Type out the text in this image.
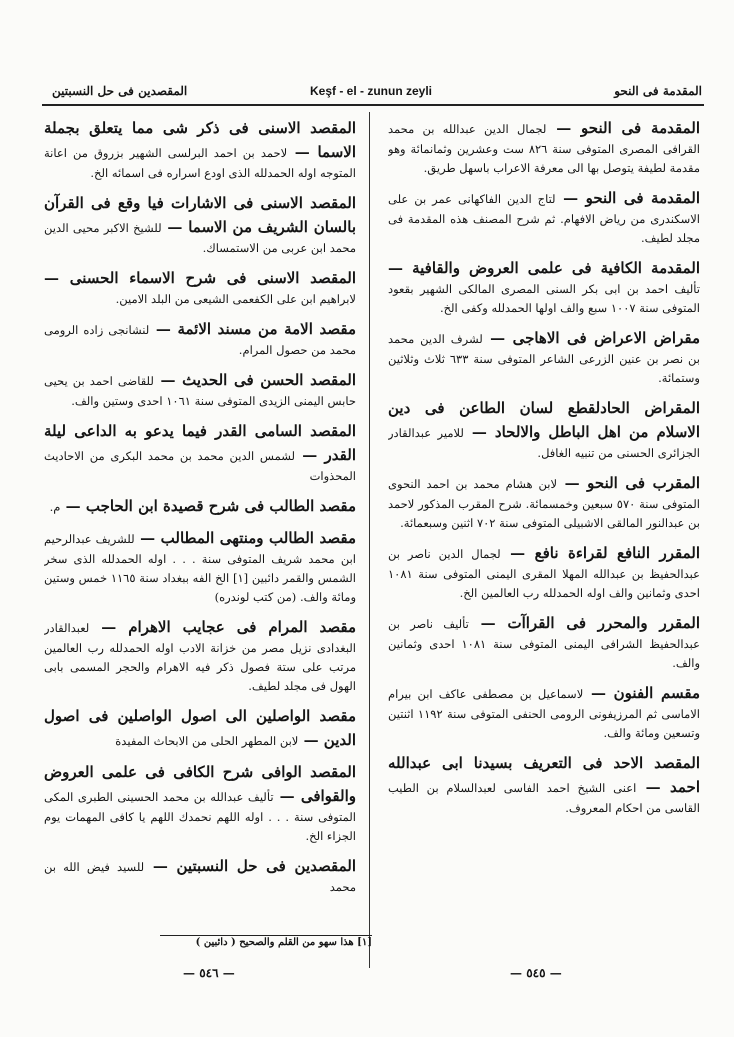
المقصدين فى حل النسبتين	Keşf - el - zunun zeyli	المقدمة فى النحو
المقدمة فى النحو — لجمال الدين عبدالله بن محمد القرافى المصرى المتوفى سنة ٨٢٦ ست وعشرين وثمانمائة وهو مقدمة لطيفة يتوصل بها الى معرفة الاعراب باسهل طريق.
المقدمة فى النحو — لتاج الدين الفاكهانى عمر بن على الاسكندرى من رياض الافهام. ثم شرح المصنف هذه المقدمة فى مجلد لطيف.
المقدمة الكافية فى علمى العروض والقافية — تأليف احمد بن ابى بكر السنى المصرى المالكى الشهير بقعود المتوفى سنة ١٠٠٧ سبع والف اولها الحمدلله وكفى الخ.
مقراض الاعراض فى الاهاجى — لشرف الدين محمد بن نصر بن عنين الزرعى الشاعر المتوفى سنة ٦٣٣ ثلاث وثلاثين وستمائة.
المقراض الحادلقطع لسان الطاعن فى دين الاسلام من اهل الباطل والالحاد — للامير عبدالقادر الجزائرى الحسنى من تنبيه الغافل.
المقرب فى النحو — لابن هشام محمد بن احمد النحوى المتوفى سنة ٥٧٠ سبعين وخمسمائة. شرح المقرب المذكور لاحمد بن عبدالنور المالقى الاشبيلى المتوفى سنة ٧٠٢ اثنين وسبعمائة.
المقرر النافع لقراءة نافع — لجمال الدين ناصر بن عبدالحفيظ بن عبدالله المهلا المقرى اليمنى المتوفى سنة ١٠٨١ احدى وثمانين والف اوله الحمدلله رب العالمين الخ.
المقرر والمحرر فى القراآت — تأليف ناصر بن عبدالحفيظ الشرافى اليمنى المتوفى سنة ١٠٨١ احدى وثمانين والف.
مقسم الفنون — لاسماعيل بن مصطفى عاكف ابن بيرام الاماسى ثم المرزيفونى الرومى الحنفى المتوفى سنة ١١٩٢ اثنتين وتسعين ومائة والف.
المقصد الاحد فى التعريف بسيدنا ابى عبدالله احمد — اعنى الشيخ احمد الفاسى لعبدالسلام بن الطيب القاسى من احكام المعروف.
المقصد الاسنى فى ذكر شى مما يتعلق بجملة الاسما — لاحمد بن احمد البرلسى الشهير بزروق من اعانة المتوجه اوله الحمدلله الذى اودع اسراره فى اسمائه الخ.
المقصد الاسنى فى الاشارات فيا وقع فى القرآن بالسان الشريف من الاسما — للشيخ الاكبر محيى الدين محمد ابن عربى من الاستمساك.
المقصد الاسنى فى شرح الاسماء الحسنى — لابراهيم ابن على الكفعمى الشيعى من البلد الامين.
مقصد الامة من مسند الائمة — لنشانجى زاده الرومى محمد من حصول المرام.
المقصد الحسن فى الحديث — للقاضى احمد بن يحيى حابس اليمنى الزيدى المتوفى سنة ١٠٦١ احدى وستين والف.
المقصد السامى القدر فيما يدعو به الداعى ليلة القدر — لشمس الدين محمد بن محمد البكرى من الاحاديث المحذوات
مقصد الطالب فى شرح قصيدة ابن الحاجب — م.
مقصد الطالب ومنتهى المطالب — للشريف عبدالرحيم ابن محمد شريف المتوفى سنة . . . اوله الحمدلله الذى سخر الشمس والقمر دائبين [١] الخ الفه ببغداد سنة ١١٦٥ خمس وستين ومائة والف. (من كتب لوندره)
مقصد المرام فى عجايب الاهرام — لعبدالقادر البغدادى نزيل مصر من خزانة الادب اوله الحمدلله رب العالمين مرتب على ستة فصول ذكر فيه الاهرام والحجر المسمى بابى الهول فى مجلد لطيف.
مقصد الواصلين الى اصول الواصلين فى اصول الدين — لابن المطهر الحلى من الابحاث المفيدة
المقصد الوافى شرح الكافى فى علمى العروض والقوافى — تأليف عبدالله بن محمد الحسينى الطبرى المكى المتوفى سنة . . . اوله اللهم نحمدك اللهم يا كافى المهمات يوم الجزاء الخ.
المقصدين فى حل النسبتين — للسيد فيض الله بن محمد
[١] هذا سهو من القلم والصحيح ( دائبين )
— ٥٤٦ —	— ٥٤٥ —
